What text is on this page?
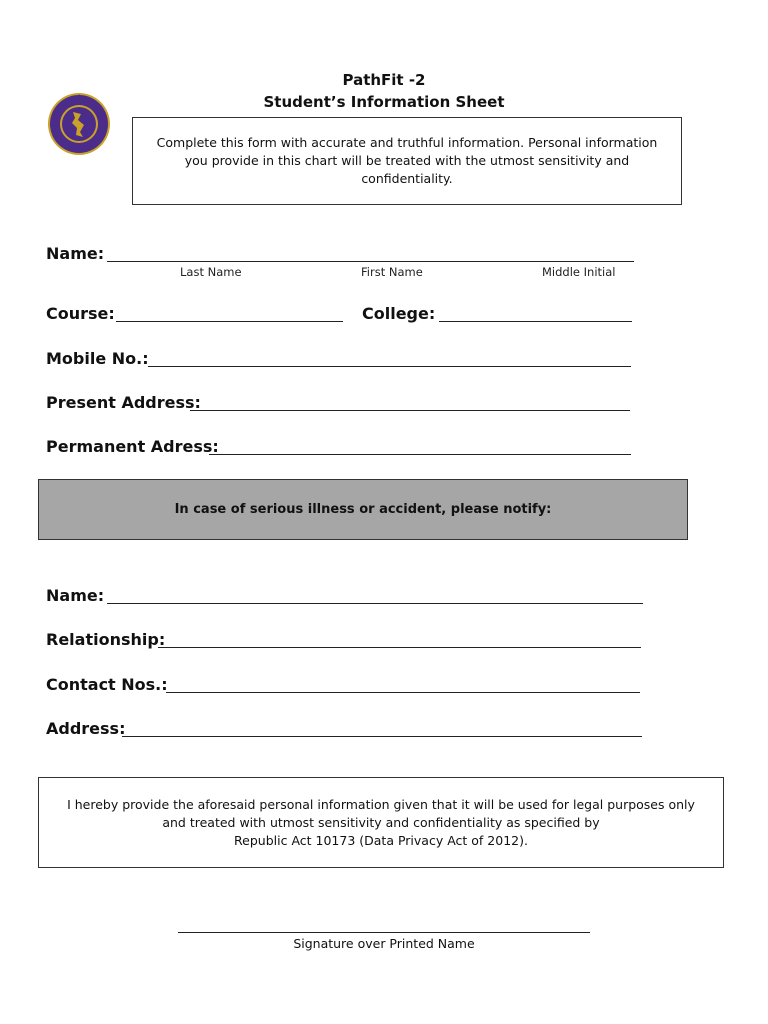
PathFit -2
Student’s Information Sheet
Complete this form with accurate and truthful information. Personal information
you provide in this chart will be treated with the utmost sensitivity and
confidentiality.
Name:
Last Name	First Name	Middle Initial
Course:	College:
Mobile No.:
Present Address:
Permanent Adress:
In case of serious illness or accident, please notify:
Name:
Relationship:
Contact Nos.:
Address:
I hereby provide the aforesaid personal information given that it will be used for legal purposes only
and treated with utmost sensitivity and confidentiality as specified by
Republic Act 10173 (Data Privacy Act of 2012).
Signature over Printed Name
